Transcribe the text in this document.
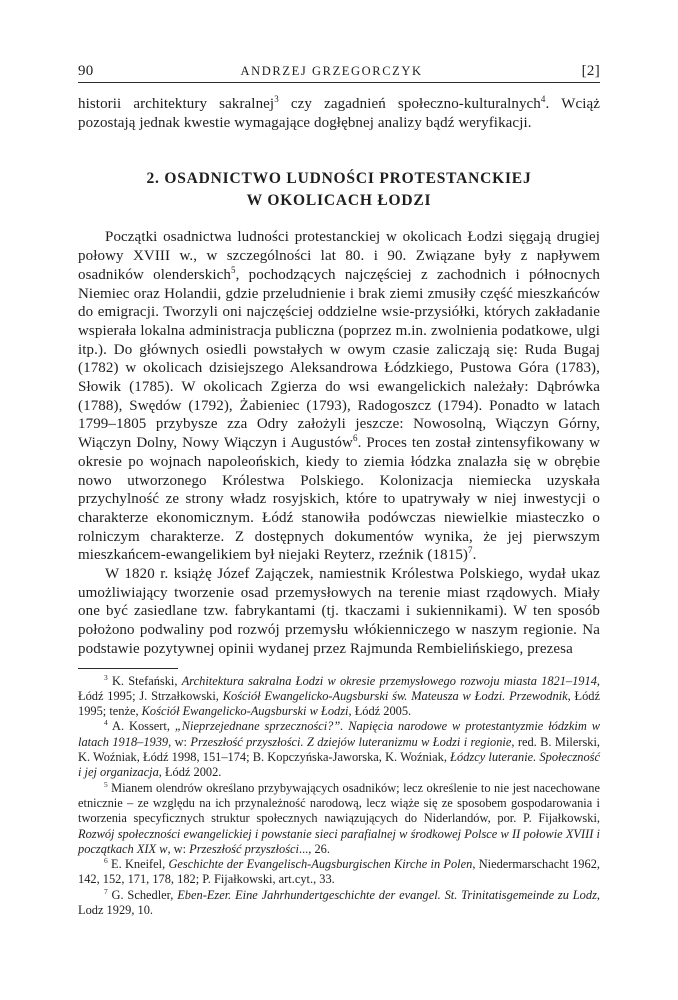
90	ANDRZEJ GRZEGORCZYK	[2]

historii architektury sakralnej$^3$ czy zagadnień społeczno-kulturalnych$^4$. Wciąż pozostają jednak kwestie wymagające dogłębnej analizy bądź weryfikacji.

2. OSADNICTWO LUDNOŚCI PROTESTANCKIEJ
W OKOLICACH ŁODZI

Początki osadnictwa ludności protestanckiej w okolicach Łodzi sięgają drugiej połowy XVIII w., w szczególności lat 80. i 90. Związane były z napływem osadników olenderskich$^5$, pochodzących najczęściej z zachodnich i północnych Niemiec oraz Holandii, gdzie przeludnienie i brak ziemi zmusiły część mieszkańców do emigracji. Tworzyli oni najczęściej oddzielne wsie-przysiółki, których zakładanie wspierała lokalna administracja publiczna (poprzez m.in. zwolnienia podatkowe, ulgi itp.). Do głównych osiedli powstałych w owym czasie zaliczają się: Ruda Bugaj (1782) w okolicach dzisiejszego Aleksandrowa Łódzkiego, Pustowa Góra (1783), Słowik (1785). W okolicach Zgierza do wsi ewangelickich należały: Dąbrówka (1788), Swędów (1792), Żabieniec (1793), Radogoszcz (1794). Ponadto w latach 1799–1805 przybysze zza Odry założyli jeszcze: Nowosolną, Wiączyn Górny, Wiączyn Dolny, Nowy Wiączyn i Augustów$^6$. Proces ten został zintensyfikowany w okresie po wojnach napoleońskich, kiedy to ziemia łódzka znalazła się w obrębie nowo utworzonego Królestwa Polskiego. Kolonizacja niemiecka uzyskała przychylność ze strony władz rosyjskich, które to upatrywały w niej inwestycji o charakterze ekonomicznym. Łódź stanowiła podówczas niewielkie miasteczko o rolniczym charakterze. Z dostępnych dokumentów wynika, że jej pierwszym mieszkańcem-ewangelikiem był niejaki Reyterz, rzeźnik $(1815)^7$.

W 1820 r. książę Józef Zajączek, namiestnik Królestwa Polskiego, wydał ukaz umożliwiający tworzenie osad przemysłowych na terenie miast rządowych. Miały one być zasiedlane tzw. fabrykantami (tj. tkaczami i sukiennikami). W ten sposób położono podwaliny pod rozwój przemysłu włókienniczego w naszym regionie. Na podstawie pozytywnej opinii wydanej przez Rajmunda Rembielińskiego, prezesa

$^3$ K. Stefański, Architektura sakralna Łodzi w okresie przemysłowego rozwoju miasta 1821–1914, Łódź 1995; J. Strzałkowski, Kościół Ewangelicko-Augsburski św. Mateusza w Łodzi. Przewodnik, Łódź 1995; tenże, Kościół Ewangelicko-Augsburski w Łodzi, Łódź 2005.

$^4$ A. Kossert, „Nieprzejednane sprzeczności?”. Napięcia narodowe w protestantyzmie łódzkim w latach 1918–1939, w: Przeszłość przyszłości. Z dziejów luteranizmu w Łodzi i regionie, red. B. Milerski, K. Woźniak, Łódź 1998, 151–174; B. Kopczyńska-Jaworska, K. Woźniak, Łódzcy luteranie. Społeczność i jej organizacja, Łódź 2002.

$^5$ Mianem olendrów określano przybywających osadników; lecz określenie to nie jest nacechowane etnicznie – ze względu na ich przynależność narodową, lecz wiąże się ze sposobem gospodarowania i tworzenia specyficznych struktur społecznych nawiązujących do Niderlandów, por. P. Fijałkowski, Rozwój społeczności ewangelickiej i powstanie sieci parafialnej w środkowej Polsce w II połowie XVIII i początkach XIX w, w: Przeszłość przyszłości..., 26.

$^6$ E. Kneifel, Geschichte der Evangelisch-Augsburgischen Kirche in Polen, Niedermarschacht 1962, 142, 152, 171, 178, 182; P. Fijałkowski, art.cyt., 33.

$^7$ G. Schedler, Eben-Ezer. Eine Jahrhundertgeschichte der evangel. St. Trinitatisgemeinde zu Lodz, Lodz 1929, 10.
